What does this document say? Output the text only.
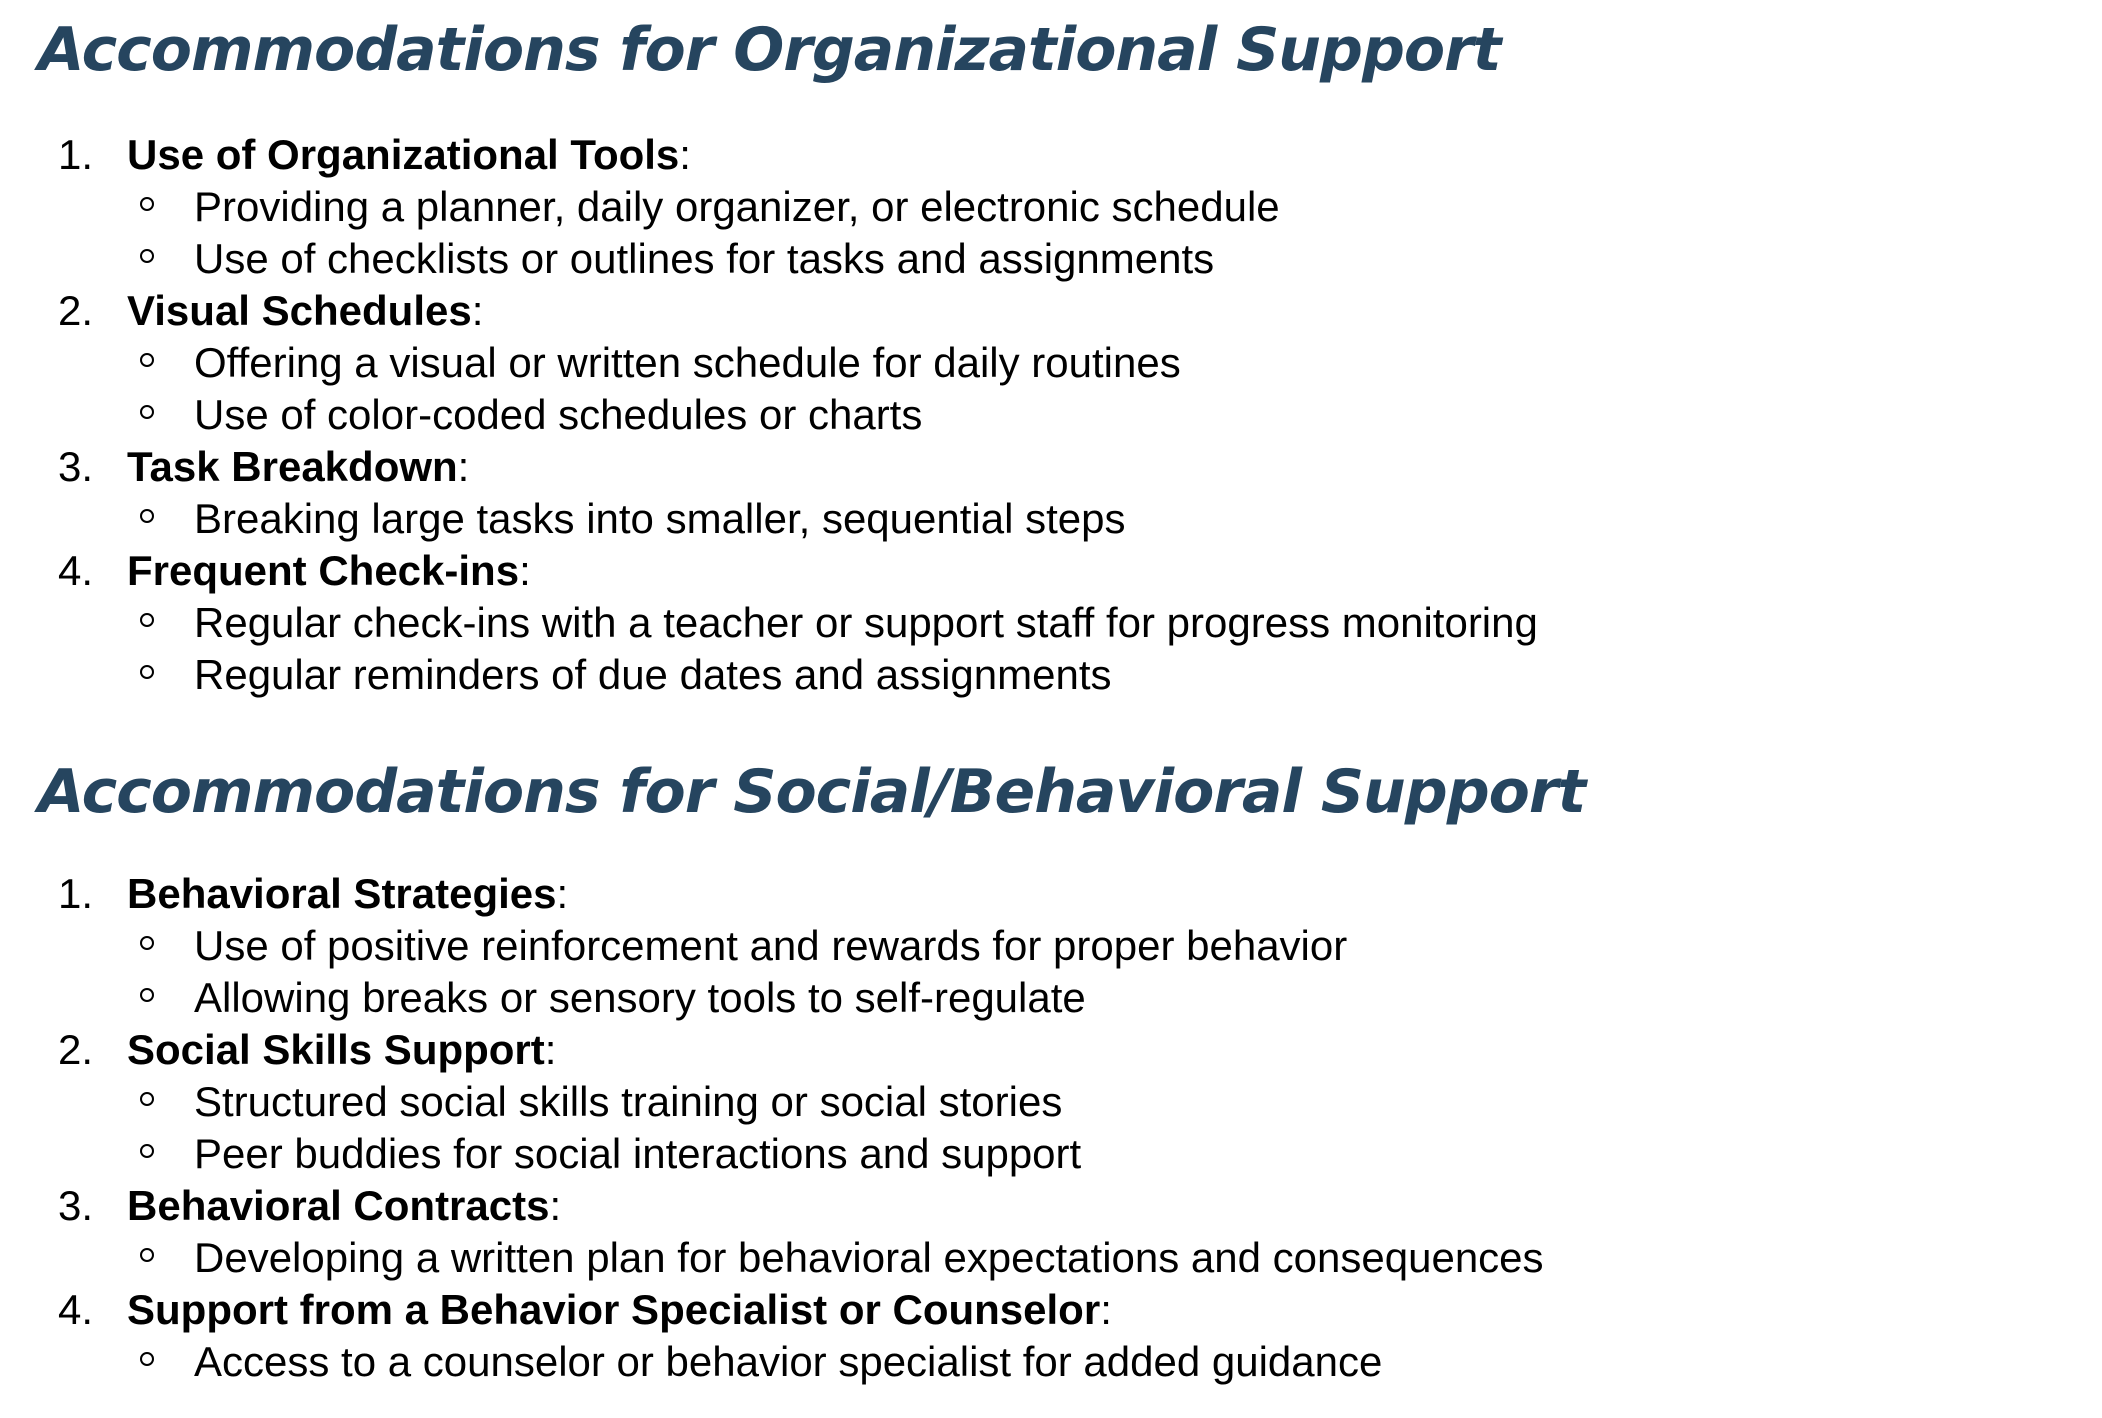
Accommodations for Organizational Support
1. Use of Organizational Tools:
Providing a planner, daily organizer, or electronic schedule
Use of checklists or outlines for tasks and assignments
2. Visual Schedules:
Offering a visual or written schedule for daily routines
Use of color-coded schedules or charts
3. Task Breakdown:
Breaking large tasks into smaller, sequential steps
4. Frequent Check-ins:
Regular check-ins with a teacher or support staff for progress monitoring
Regular reminders of due dates and assignments
Accommodations for Social/Behavioral Support
1. Behavioral Strategies:
Use of positive reinforcement and rewards for proper behavior
Allowing breaks or sensory tools to self-regulate
2. Social Skills Support:
Structured social skills training or social stories
Peer buddies for social interactions and support
3. Behavioral Contracts:
Developing a written plan for behavioral expectations and consequences
4. Support from a Behavior Specialist or Counselor:
Access to a counselor or behavior specialist for added guidance
